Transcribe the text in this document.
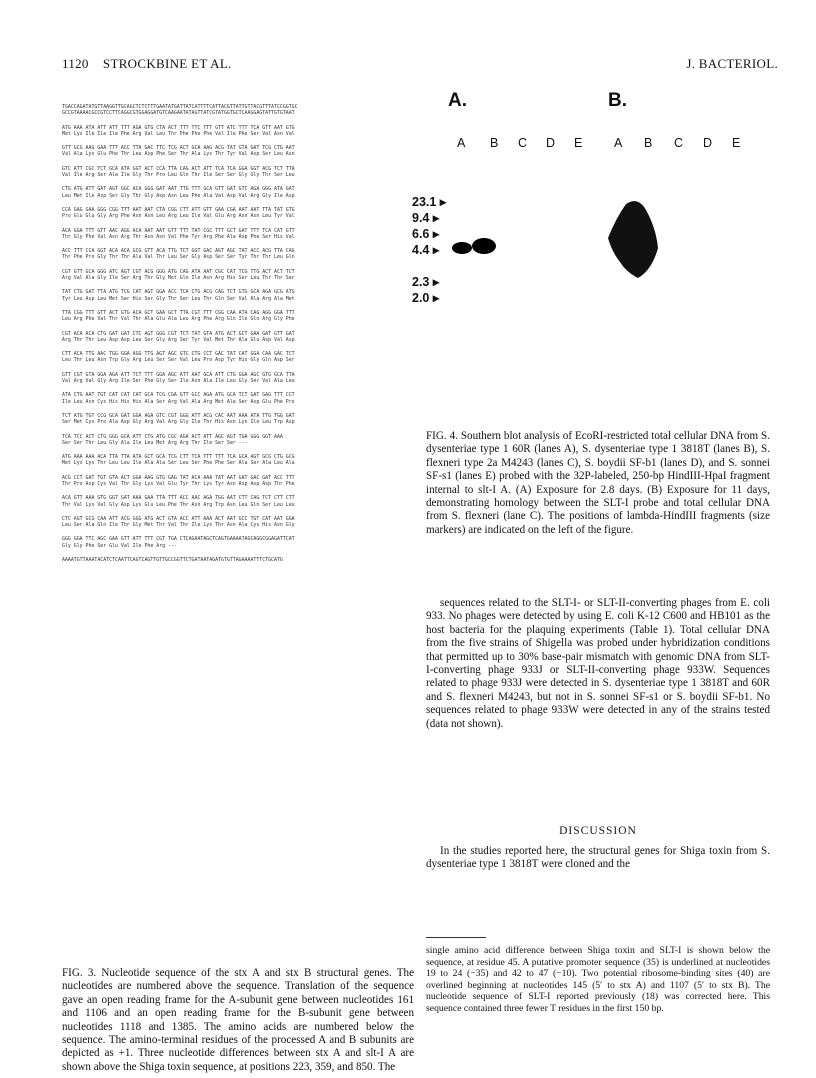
1120 STROCKBINE ET AL.	J. BACTERIOL.
TGACCAGATATGTTAAGGTTGCAGCTCTCTTTGAATATGATTATCATTTTCATTACGTTATTGTTACGTTTATCCGGTGC
GCCGTAAAACGCCGTCCTTCAGGCGTGGAGGATGTCAAGAATATAGTTATCGTATGGTGCTCAAGGAGTATTGTGTAAT
ATG AAA ATA ATT ATT TTT AGA GTG CTA ACT TTT TTC TTT GTT ATC TTT TCA GTT AAT GTG
Met Lys Ile Ile Ile Phe Arg Val Leu Thr Phe Phe Phe Val Ile Phe Ser Val Asn Val
GTT GCG AAG GAA TTT ACC TTA GAC TTC TCG ACT GCA AAG ACG TAT GTA GAT TCG CTG AAT
Val Ala Lys Glu Phe Thr Leu Asp Phe Ser Thr Ala Lys Thr Tyr Val Asp Ser Leu Asn
GTC ATT CGC TCT GCA ATA GGT ACT CCA TTA CAG ACT ATT TCA TCA GGA GGT ACG TCT TTA
Val Ile Arg Ser Ala Ile Gly Thr Pro Leu Gln Thr Ile Ser Ser Gly Gly Thr Ser Leu
CTG ATG ATT GAT AGT GGC ACA GGG GAT AAT TTG TTT GCA GTT GAT GTC AGA GGG ATA GAT
Leu Met Ile Asp Ser Gly Thr Gly Asp Asn Leu Phe Ala Val Asp Val Arg Gly Ile Asp
CCA GAG GAA GGG CGG TTT AAT AAT CTA CGG CTT ATT GTT GAA CGA AAT AAT TTA TAT GTG
Pro Glu Glu Gly Arg Phe Asn Asn Leu Arg Leu Ile Val Glu Arg Asn Asn Leu Tyr Val
ACA GGA TTT GTT AAC AGG ACA AAT AAT GTT TTT TAT CGC TTT GCT GAT TTT TCA CAT GTT
Thr Gly Phe Val Asn Arg Thr Asn Asn Val Phe Tyr Arg Phe Ala Asp Phe Ser His Val
ACC TTT CCA GGT ACA ACA GCG GTT ACA TTG TCT GGT GAC AGT AGC TAT ACC ACG TTA CAG
Thr Phe Pro Gly Thr Thr Ala Val Thr Leu Ser Gly Asp Ser Ser Tyr Thr Thr Leu Gln
CGT GTT GCA GGG ATC AGT CGT ACG GGG ATG CAG ATA AAT CGC CAT TCG TTG ACT ACT TCT
Arg Val Ala Gly Ile Ser Arg Thr Gly Met Gln Ile Asn Arg His Ser Leu Thr Thr Ser
TAT CTG GAT TTA ATG TCG CAT AGT GGA ACC TCA CTG ACG CAG TCT GTG GCA AGA GCG ATG
Tyr Leu Asp Leu Met Ser His Ser Gly Thr Ser Leu Thr Gln Ser Val Ala Arg Ala Met
TTA CGG TTT GTT ACT GTG ACA GCT GAA GCT TTA CGT TTT CGG CAA ATA CAG AGG GGA TTT
Leu Arg Phe Val Thr Val Thr Ala Glu Ala Leu Arg Phe Arg Gln Ile Gln Arg Gly Phe
CGT ACA ACA CTG GAT GAT CTC AGT GGG CGT TCT TAT GTA ATG ACT GCT GAA GAT GTT GAT
Arg Thr Thr Leu Asp Asp Leu Ser Gly Arg Ser Tyr Val Met Thr Ala Glu Asp Val Asp
CTT ACA TTG AAC TGG GGA AGG TTG AGT AGC GTC CTG CCT GAC TAT CAT GGA CAA GAC TCT
Leu Thr Leu Asn Trp Gly Arg Leu Ser Ser Val Leu Pro Asp Tyr His Gly Gln Asp Ser
GTT CGT GTA GGA AGA ATT TCT TTT GGA AGC ATT AAT GCA ATT CTG GGA AGC GTG GCA TTA
Val Arg Val Gly Arg Ile Ser Phe Gly Ser Ile Asn Ala Ile Leu Gly Ser Val Ala Leu
ATA CTG AAT TGT CAT CAT CAT GCA TCG CGA GTT GCC AGA ATG GCA TCT GAT GAG TTT CCT
Ile Leu Asn Cys His His His Ala Ser Arg Val Ala Arg Met Ala Ser Asp Glu Phe Pro
TCT ATG TGT CCG GCA GAT GGA AGA GTC CGT GGG ATT ACG CAC AAT AAA ATA TTG TGG GAT
Ser Met Cys Pro Ala Asp Gly Arg Val Arg Gly Ile Thr His Asn Lys Ile Leu Trp Asp
TCA TCC ACT CTG GGG GCA ATT CTG ATG CGC AGA ACT ATT AGC AGT TGA GGG GGT AAA
Ser Ser Thr Leu Gly Ala Ile Leu Met Arg Arg Thr Ile Ser Ser ---
ATG AAA AAA ACA TTA TTA ATA GCT GCA TCG CTT TCA TTT TTT TCA GCA AGT GCG CTG GCG
Met Lys Lys Thr Leu Leu Ile Ala Ala Ser Leu Ser Phe Phe Ser Ala Ser Ala Leu Ala
ACG CCT GAT TGT GTA ACT GGA AAG GTG GAG TAT ACA AAA TAT AAT GAT GAC GAT ACC TTT
Thr Pro Asp Cys Val Thr Gly Lys Val Glu Tyr Thr Lys Tyr Asn Asp Asp Asp Thr Phe
ACA GTT AAA GTG GGT GAT AAA GAA TTA TTT ACC AAC AGA TGG AAT CTT CAG TCT CTT CTT
Thr Val Lys Val Gly Asp Lys Glu Leu Phe Thr Asn Arg Trp Asn Leu Gln Ser Leu Leu
CTC AGT GCG CAA ATT ACG GGG ATG ACT GTA ACC ATT AAA ACT AAT GCC TGT CAT AAT GGA
Leu Ser Ala Gln Ile Thr Gly Met Thr Val Thr Ile Lys Thr Asn Ala Cys His Asn Gly
GGG GGA TTC AGC GAA GTT ATT TTT CGT TGA CTCAGAATAGCTCAGTGAAAATAGCAGGCGGAGATTCAT
Gly Gly Phe Ser Glu Val Ile Phe Arg ---
AAAATGTTAAATACATCTCAATTCAGTCAGTTGTTGCCGGTTCTGATAATAGATGTGTTAGAAAATTTCTGCATG
FIG. 3. Nucleotide sequence of the stx A and stx B structural genes. The nucleotides are numbered above the sequence. Translation of the sequence gave an open reading frame for the A-subunit gene between nucleotides 161 and 1106 and an open reading frame for the B-subunit gene between nucleotides 1118 and 1385. The amino acids are numbered below the sequence. The amino-terminal residues of the processed A and B subunits are depicted as +1. Three nucleotide differences between stx A and slt-I A are shown above the Shiga toxin sequence, at positions 223, 359, and 850. The
A.	B.
A B C D E	A B C D E
23.1 ▸
9.4 ▸
6.6 ▸
4.4 ▸
2.3 ▸
2.0 ▸
FIG. 4. Southern blot analysis of EcoRI-restricted total cellular DNA from S. dysenteriae type 1 60R (lanes A), S. dysenteriae type 1 3818T (lanes B), S. flexneri type 2a M4243 (lanes C), S. boydii SF-b1 (lanes D), and S. sonnei SF-s1 (lanes E) probed with the 32P-labeled, 250-bp HindIII-HpaI fragment internal to slt-I A. (A) Exposure for 2.8 days. (B) Exposure for 11 days, demonstrating homology between the SLT-I probe and total cellular DNA from S. flexneri (lane C). The positions of lambda-HindIII fragments (size markers) are indicated on the left of the figure.
sequences related to the SLT-I- or SLT-II-converting phages from E. coli 933. No phages were detected by using E. coli K-12 C600 and HB101 as the host bacteria for the plaquing experiments (Table 1). Total cellular DNA from the five strains of Shigella was probed under hybridization conditions that permitted up to 30% base-pair mismatch with genomic DNA from SLT-I-converting phage 933J or SLT-II-converting phage 933W. Sequences related to phage 933J were detected in S. dysenteriae type 1 3818T and 60R and S. flexneri M4243, but not in S. sonnei SF-s1 or S. boydii SF-b1. No sequences related to phage 933W were detected in any of the strains tested (data not shown).
DISCUSSION
In the studies reported here, the structural genes for Shiga toxin from S. dysenteriae type 1 3818T were cloned and the
single amino acid difference between Shiga toxin and SLT-I is shown below the sequence, at residue 45. A putative promoter sequence (35) is underlined at nucleotides 19 to 24 (−35) and 42 to 47 (−10). Two potential ribosome-binding sites (40) are overlined beginning at nucleotides 145 (5′ to stx A) and 1107 (5′ to stx B). The nucleotide sequence of SLT-I reported previously (18) was corrected here. This sequence contained three fewer T residues in the first 150 bp.
